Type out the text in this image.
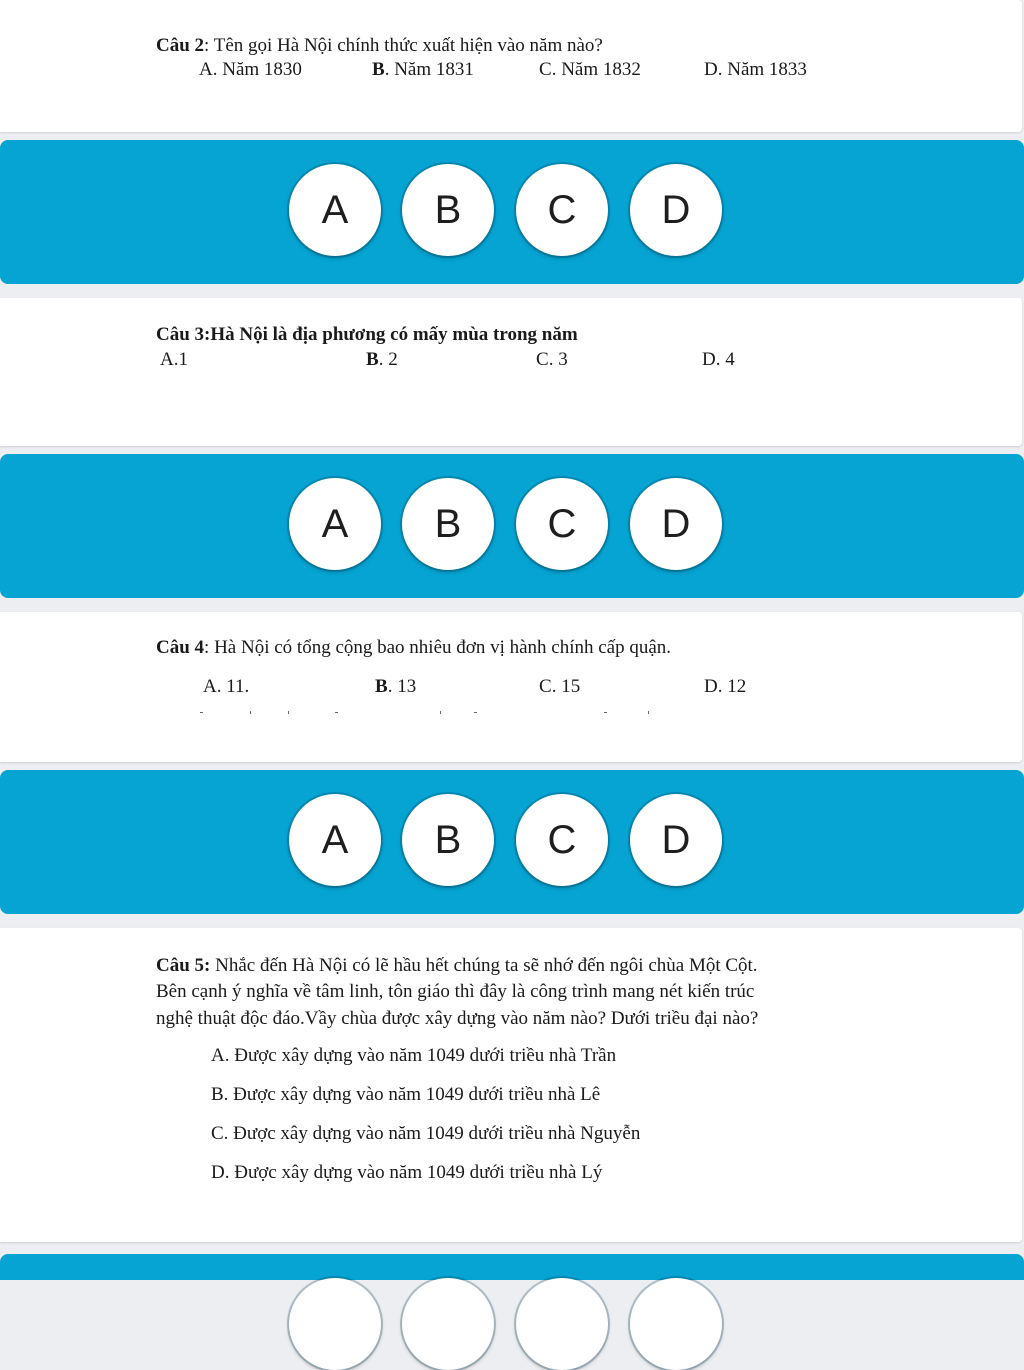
Câu 2: Tên gọi Hà Nội chính thức xuất hiện vào năm nào?
A. Năm 1830	B. Năm 1831	C. Năm 1832	D. Năm 1833
A	B	C	D
Câu 3:Hà Nội là địa phương có mấy mùa trong năm
A.1	B. 2	C. 3	D. 4
A	B	C	D
Câu 4: Hà Nội có tổng cộng bao nhiêu đơn vị hành chính cấp quận.
A. 11.	B. 13	C. 15	D. 12
A	B	C	D
Câu 5: Nhắc đến Hà Nội có lẽ hầu hết chúng ta sẽ nhớ đến ngôi chùa Một Cột.
Bên cạnh ý nghĩa về tâm linh, tôn giáo thì đây là công trình mang nét kiến trúc
nghệ thuật độc đáo.Vầy chùa được xây dựng vào năm nào? Dưới triều đại nào?
A. Được xây dựng vào năm 1049 dưới triều nhà Trần
B. Được xây dựng vào năm 1049 dưới triều nhà Lê
C. Được xây dựng vào năm 1049 dưới triều nhà Nguyễn
D. Được xây dựng vào năm 1049 dưới triều nhà Lý
